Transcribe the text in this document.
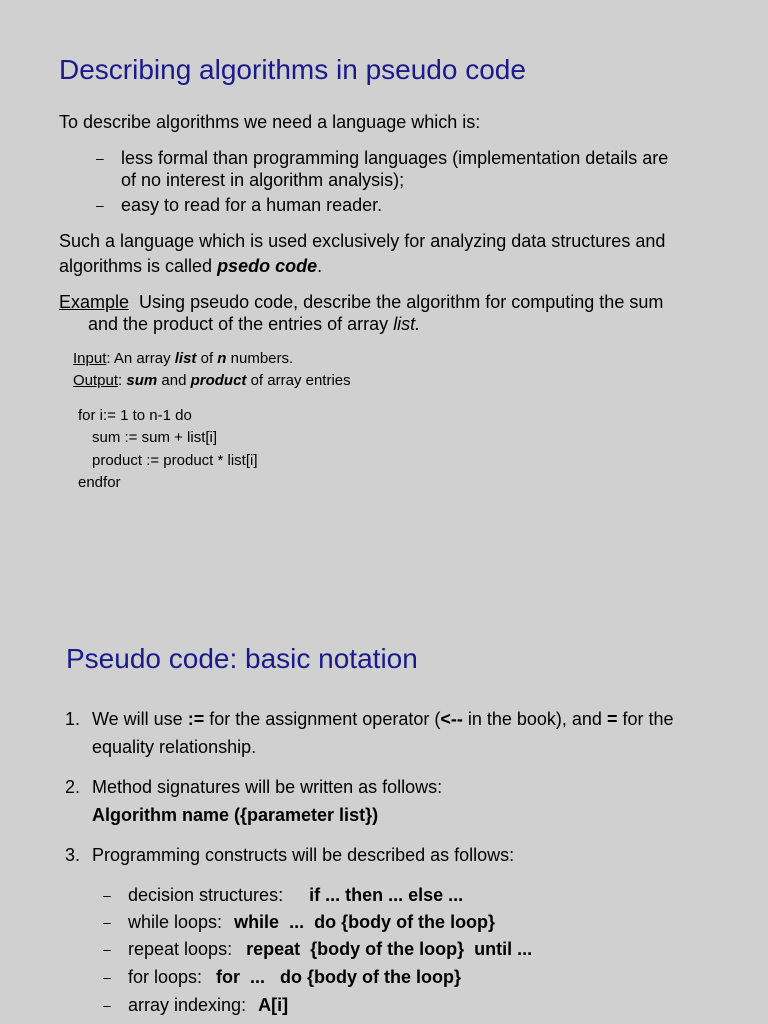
Describing algorithms in pseudo code

To describe algorithms we need a language which is:

– less formal than programming languages (implementation details are

of no interest in algorithm analysis);

– easy to read for a human reader.

Such a language which is used exclusively for analyzing data structures and

algorithms is called psedo code.

Example Using pseudo code, describe the algorithm for computing the sum

and the product of the entries of array list.

Input: An array list of n numbers.

Output: sum and product of array entries

for i:= 1 to n-1 do

sum := sum + list[i]

product := product * list[i]

endfor

Pseudo code: basic notation
1. We will use := for the assignment operator (<-- in the book), and = for the

equality relationship.

2. Method signatures will be written as follows:

Algorithm name ({parameter list})

3. Programming constructs will be described as follows:

– decision structures: if ... then ... else ...

– while loops: while  ...  do {body of the loop}

– repeat loops: repeat  {body of the loop}  until ...

– for loops: for  ...   do {body of the loop}

– array indexing: A[i]
